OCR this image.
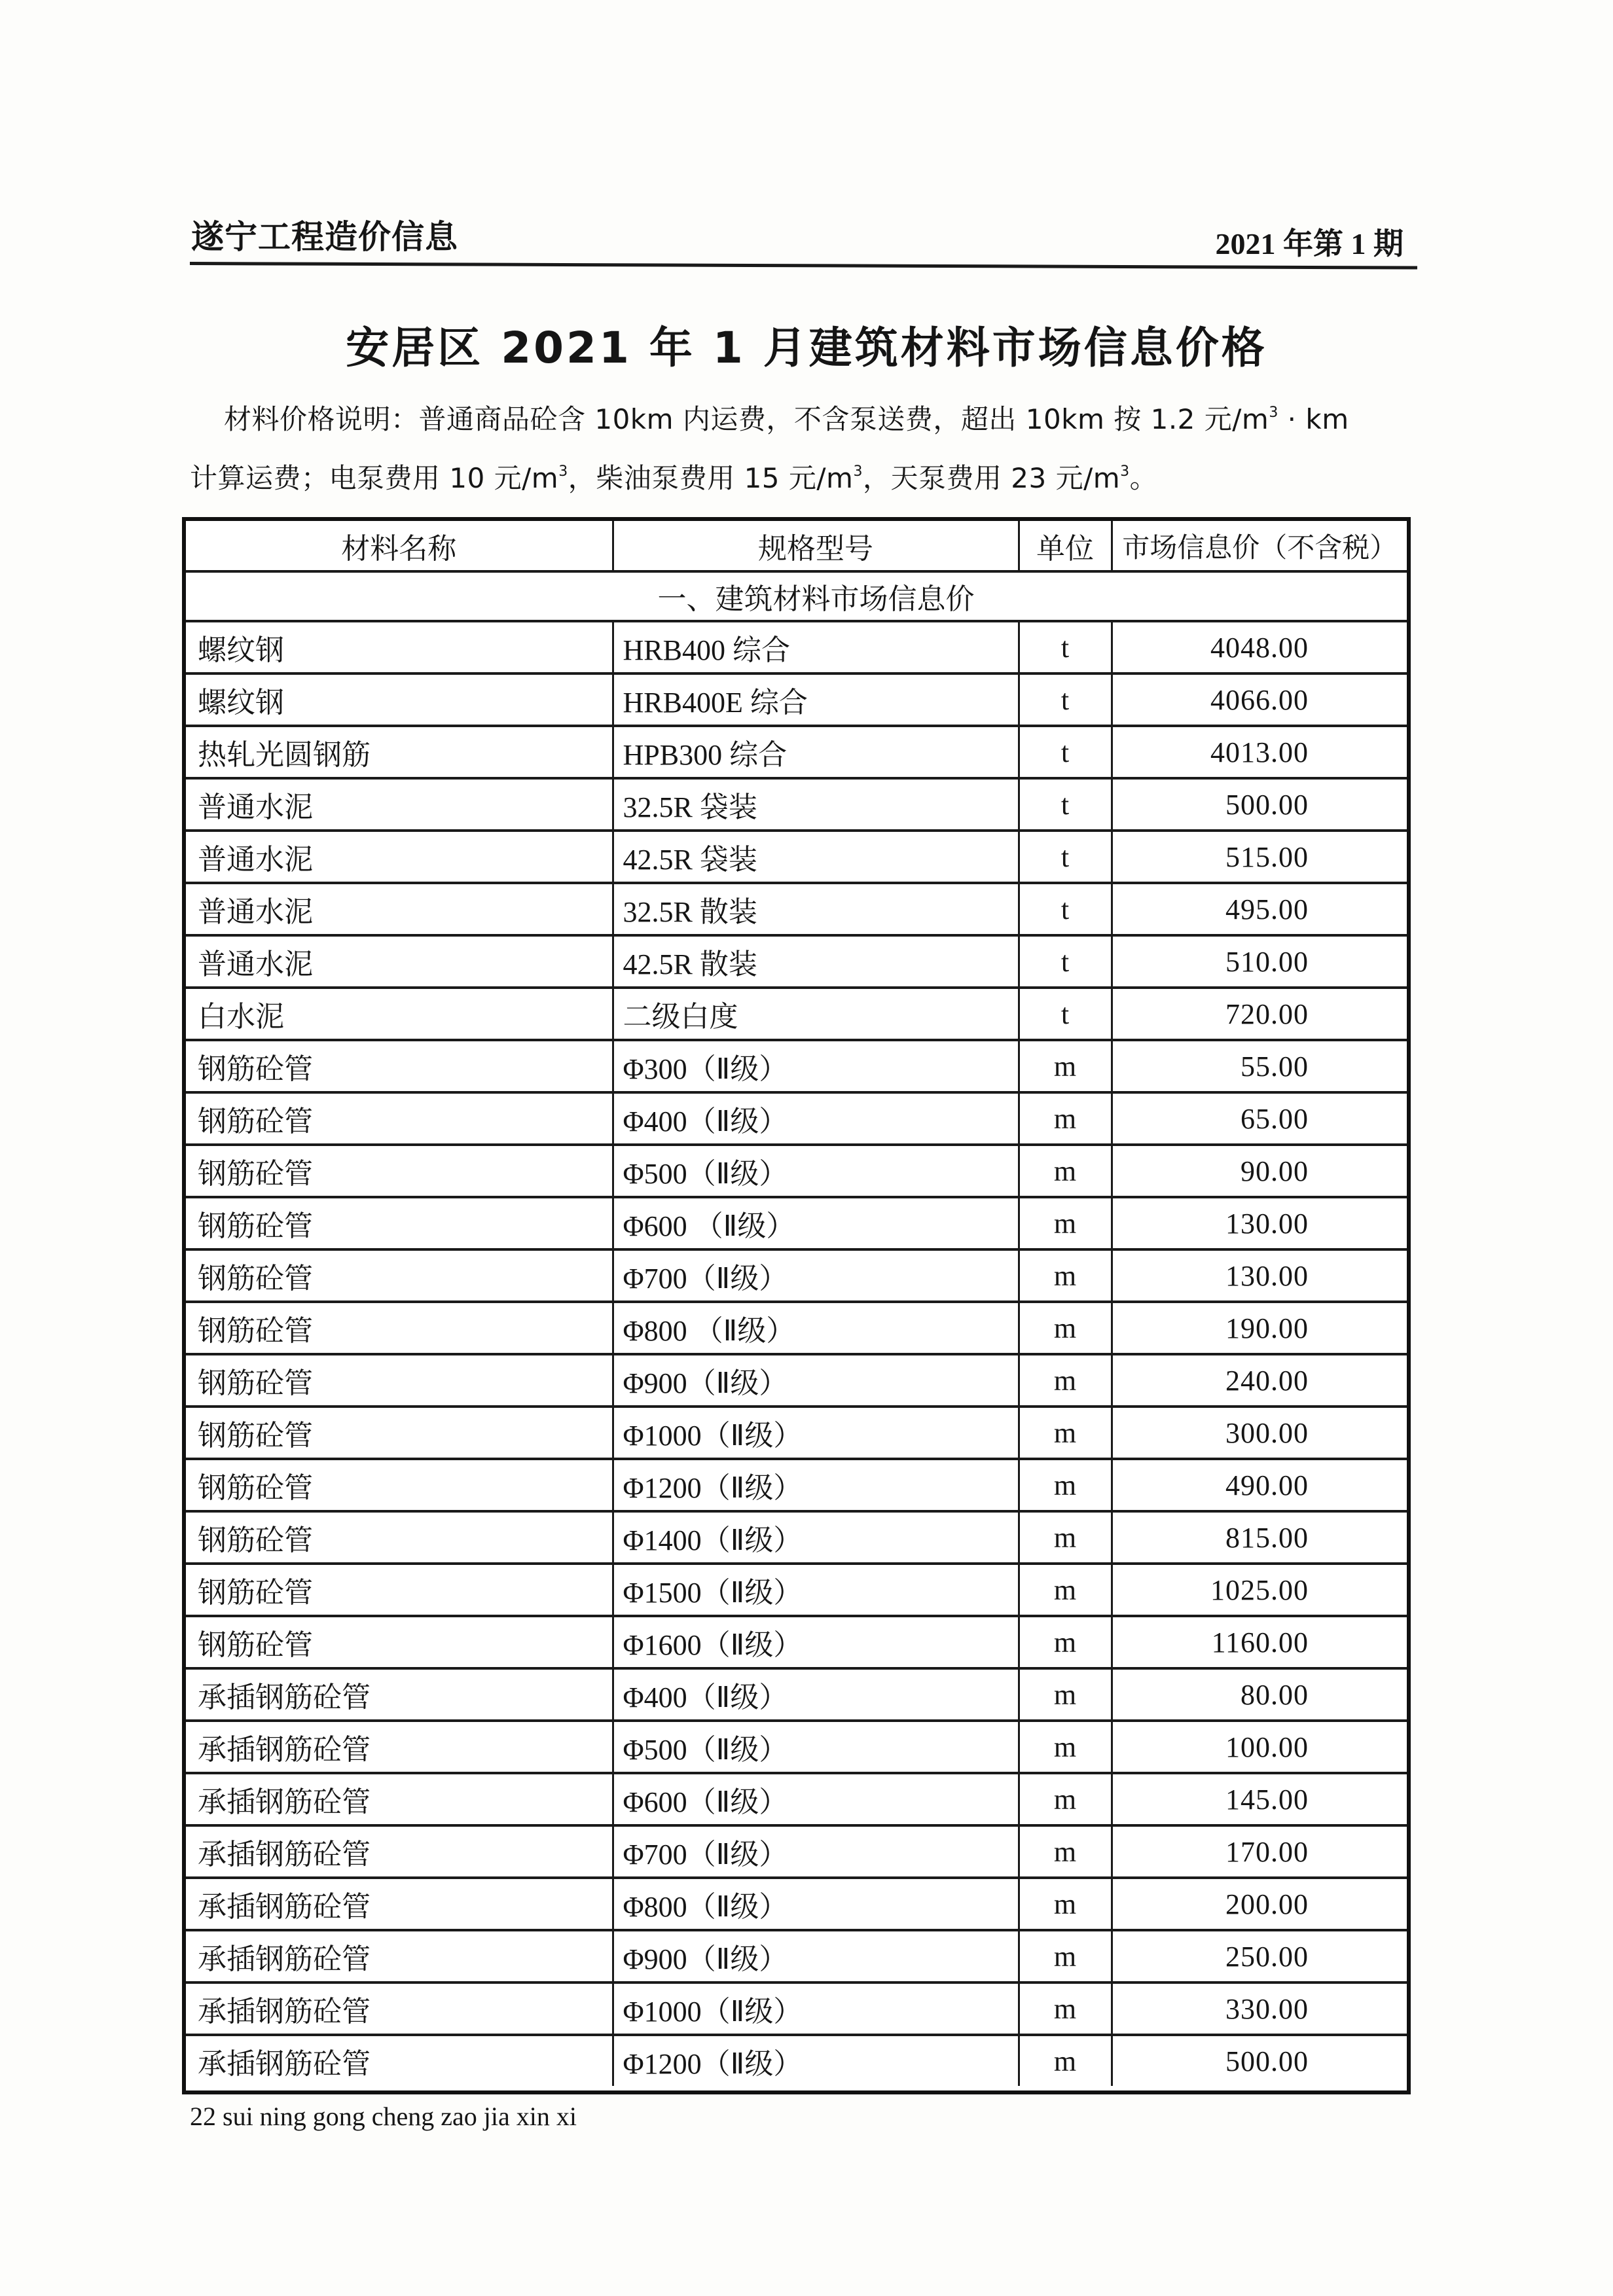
遂宁工程造价信息	2021 年第 1 期
安居区 2021 年 1 月建筑材料市场信息价格
材料价格说明：普通商品砼含 10km 内运费，不含泵送费，超出 10km 按 1.2 元$/m^3$ · km
计算运费；电泵费用 10 元$/m^3$，柴油泵费用 15 元$/m^3$，天泵费用 23 元$/m^3$。
材料名称	规格型号	单位	市场信息价（不含税）
一、建筑材料市场信息价			
螺纹钢	HRB400 综合	t	4048.00
螺纹钢	HRB400E 综合	t	4066.00
热轧光圆钢筋	HPB300 综合	t	4013.00
普通水泥	32.5R 袋装	t	500.00
普通水泥	42.5R 袋装	t	515.00
普通水泥	32.5R 散装	t	495.00
普通水泥	42.5R 散装	t	510.00
白水泥	二级白度	t	720.00
钢筋砼管	Φ300（Ⅱ级）	m	55.00
钢筋砼管	Φ400（Ⅱ级）	m	65.00
钢筋砼管	Φ500（Ⅱ级）	m	90.00
钢筋砼管	Φ600 （Ⅱ级）	m	130.00
钢筋砼管	Φ700（Ⅱ级）	m	130.00
钢筋砼管	Φ800 （Ⅱ级）	m	190.00
钢筋砼管	Φ900（Ⅱ级）	m	240.00
钢筋砼管	Φ1000（Ⅱ级）	m	300.00
钢筋砼管	Φ1200（Ⅱ级）	m	490.00
钢筋砼管	Φ1400（Ⅱ级）	m	815.00
钢筋砼管	Φ1500（Ⅱ级）	m	1025.00
钢筋砼管	Φ1600（Ⅱ级）	m	1160.00
承插钢筋砼管	Φ400（Ⅱ级）	m	80.00
承插钢筋砼管	Φ500（Ⅱ级）	m	100.00
承插钢筋砼管	Φ600（Ⅱ级）	m	145.00
承插钢筋砼管	Φ700（Ⅱ级）	m	170.00
承插钢筋砼管	Φ800（Ⅱ级）	m	200.00
承插钢筋砼管	Φ900（Ⅱ级）	m	250.00
承插钢筋砼管	Φ1000（Ⅱ级）	m	330.00
承插钢筋砼管	Φ1200（Ⅱ级）	m	500.00
22 sui ning gong cheng zao jia xin xi
